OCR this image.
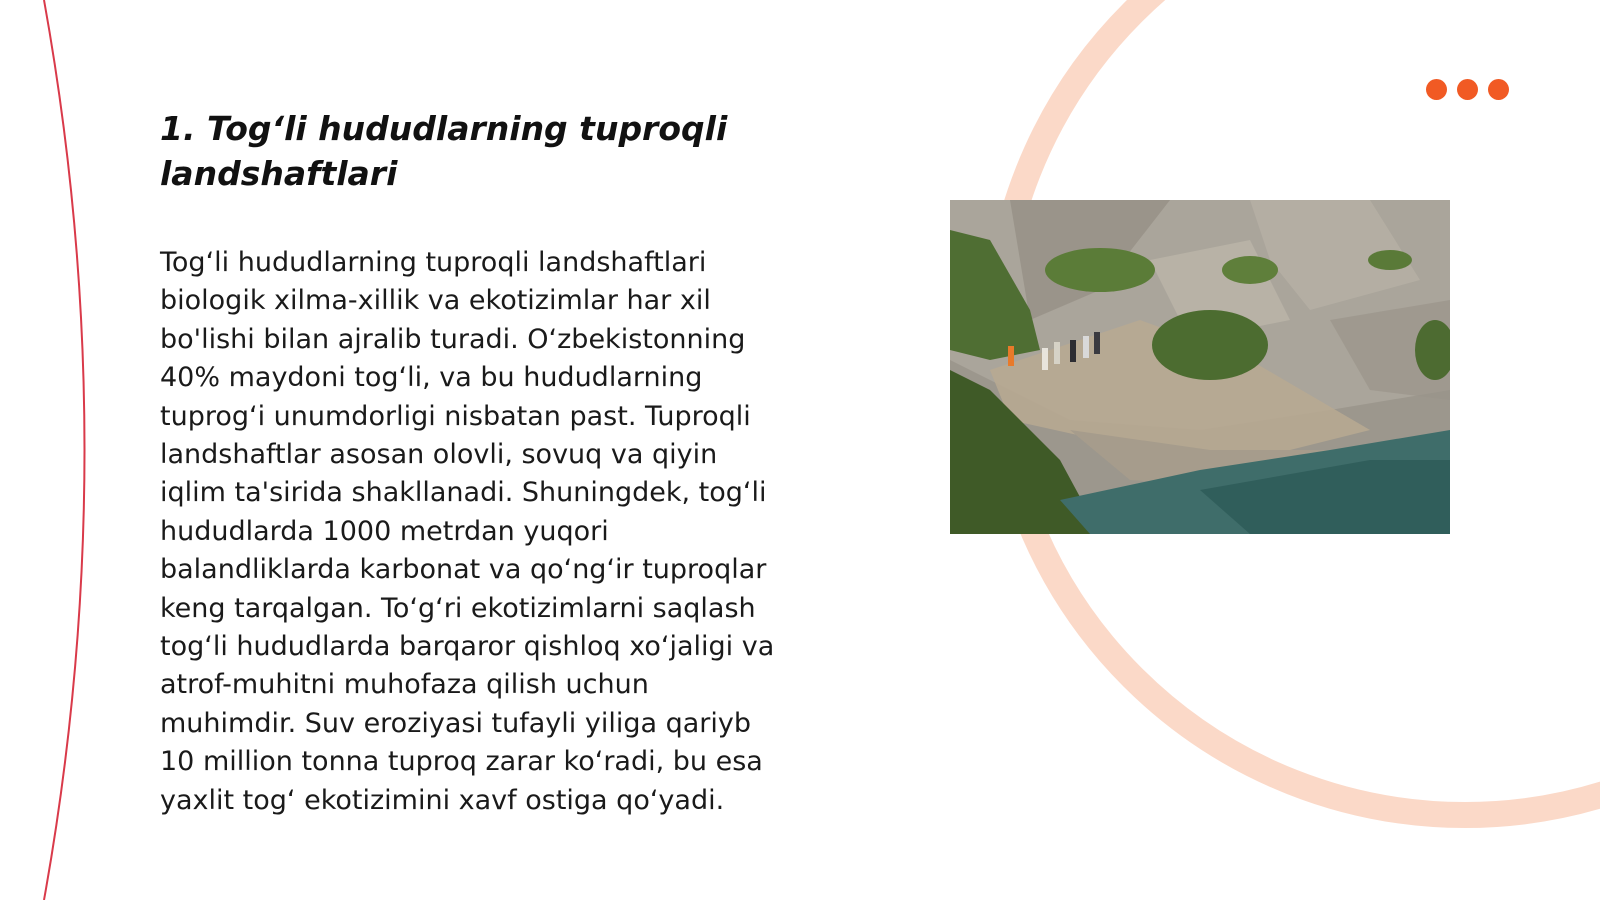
1. Tog‘li hududlarning tuproqli landshaftlari
Tog‘li hududlarning tuproqli landshaftlari
biologik xilma-xillik va ekotizimlar har xil
bo'lishi bilan ajralib turadi. O‘zbekistonning
40% maydoni tog‘li, va bu hududlarning
tuprog‘i unumdorligi nisbatan past. Tuproqli
landshaftlar asosan olovli, sovuq va qiyin
iqlim ta'sirida shakllanadi. Shuningdek, tog‘li
hududlarda 1000 metrdan yuqori
balandliklarda karbonat va qo‘ng‘ir tuproqlar
keng tarqalgan. To‘g‘ri ekotizimlarni saqlash
tog‘li hududlarda barqaror qishloq xo‘jaligi va
atrof-muhitni muhofaza qilish uchun
muhimdir. Suv eroziyasi tufayli yiliga qariyb
10 million tonna tuproq zarar ko‘radi, bu esa
yaxlit tog‘ ekotizimini xavf ostiga qo‘yadi.
